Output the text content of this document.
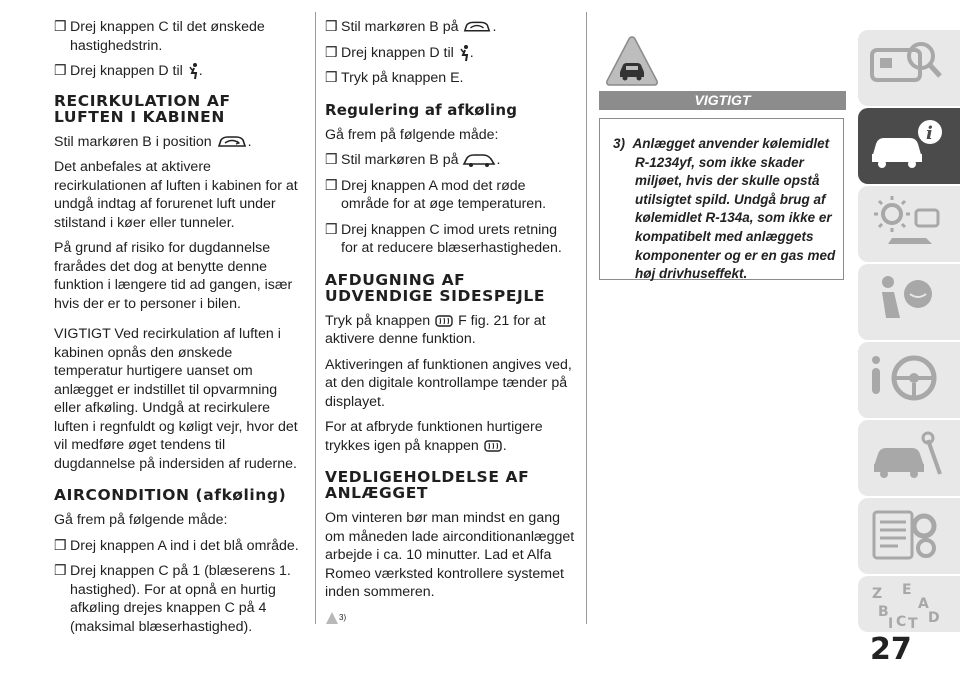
❒ Drej knappen C til det ønskede hastighedstrin.
❒ Drej knappen D til .
RECIRKULATION AF LUFTEN I KABINEN

Stil markøren B i position	.

Det anbefales at aktivere recirkulationen af luften i kabinen for at undgå indtag af forurenet luft under stilstand i køer eller tunneler.

På grund af risiko for dugdannelse frarådes det dog at benytte denne funktion i længere tid ad gangen, især hvis der er to personer i bilen.

VIGTIGT Ved recirkulation af luften i kabinen opnås den ønskede temperatur hurtigere uanset om anlægget er indstillet til opvarmning eller afkøling. Undgå at recirkulere luften i regnfuldt og køligt vejr, hvor det vil medføre øget tendens til dugdannelse på indersiden af ruderne.

AIRCONDITION (afkøling)

Gå frem på følgende måde:

❒ Drej knappen A ind i det blå område.
❒ Drej knappen C på 1 (blæserens 1. hastighed). For at opnå en hurtig afkøling drejes knappen C på 4 (maksimal blæserhastighed).
❒ Stil markøren B på .
❒ Drej knappen D til .
❒ Tryk på knappen E.
Regulering af afkøling

Gå frem på følgende måde:

❒ Stil markøren B på	.
❒ Drej knappen A mod det røde område for at øge temperaturen.
❒ Drej knappen C imod urets retning for at reducere blæserhastigheden.
AFDUGNING AF UDVENDIGE SIDESPEJLE

Tryk på knappen F fig. 21 for at aktivere denne funktion.

Aktiveringen af funktionen angives ved, at den digitale kontrollampe tænder på displayet.

For at afbryde funktionen hurtigere trykkes igen på knappen .

VEDLIGEHOLDELSE AF ANLÆGGET

Om vinteren bør man mindst en gang om måneden lade airconditionanlægget arbejde i ca. 10 minutter. Lad et Alfa Romeo værksted kontrollere systemet inden sommeren.

$^{3)}$

VIGTIGT
3) Anlægget anvender kølemidlet R-1234yf, som ikke skader miljøet, hvis der skulle opstå utilsigtet spild. Undgå brug af kølemidlet R-134a, som ikke er kompatibelt med anlæggets komponenter og er en gas med høj drivhuseffekt.
i
Z E
A
B
I C T D
27
